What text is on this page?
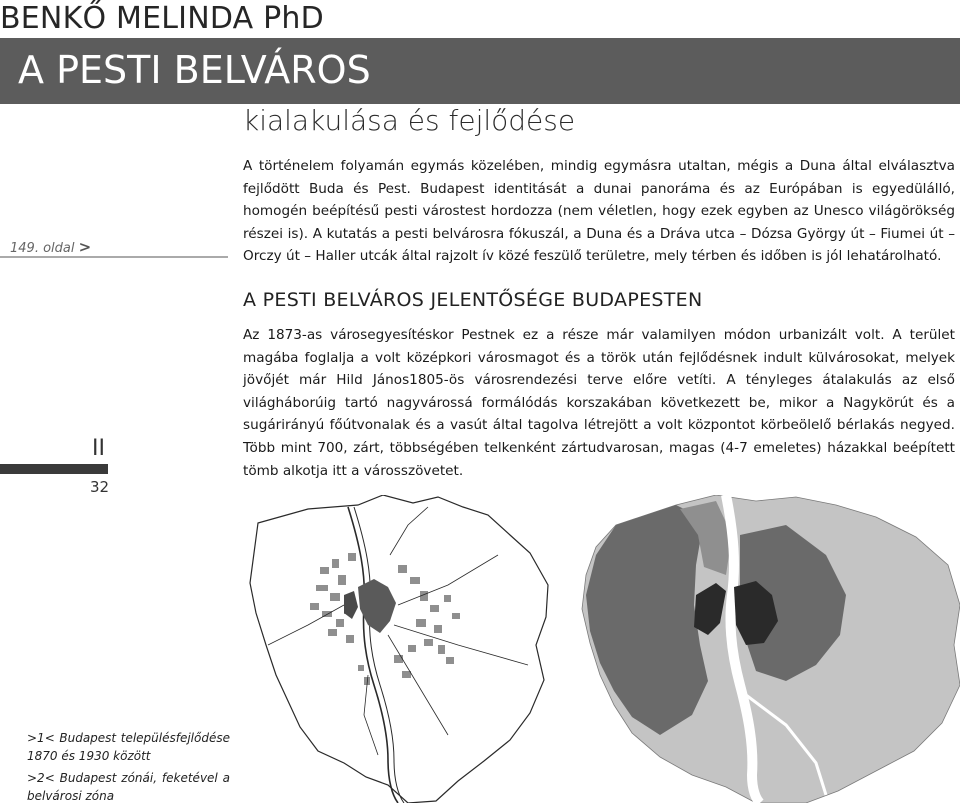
BENKŐ MELINDA PhD
A PESTI BELVÁROS
kialakulása és fejlődése
149. oldal >
A történelem folyamán egymás közelében, mindig egymásra utaltan, mégis a Duna által elválasztva fejlődött Buda és Pest. Budapest identitását a dunai panoráma és az Európában is egyedülálló, homogén beépítésű pesti várostest hordozza (nem véletlen, hogy ezek egyben az Unesco világörökség részei is). A kutatás a pesti belvárosra fókuszál, a Duna és a Dráva utca – Dózsa György út – Fiumei út – Orczy út – Haller utcák által rajzolt ív közé feszülő területre, mely térben és időben is jól lehatárolható.
A PESTI BELVÁROS JELENTŐSÉGE BUDAPESTEN
Az 1873-as városegyesítéskor Pestnek ez a része már valamilyen módon urbanizált volt. A terület magába foglalja a volt középkori városmagot és a török után fejlődésnek indult külvárosokat, melyek jövőjét már Hild János1805-ös városrendezési terve előre vetíti. A tényleges átalakulás az első világháborúig tartó nagyvárossá formálódás korszakában következett be, mikor a Nagykörút és a sugárirányú főútvonalak és a vasút által tagolva létrejött a volt központot körbeölelő bérlakás negyed. Több mint 700, zárt, többségében telkenként zártudvarosan, magas (4-7 emeletes) házakkal beépített tömb alkotja itt a városszövetet.
II
32
>1< Budapest településfejlődése 1870 és 1930 között
>2< Budapest zónái, feketével a belvárosi zóna
